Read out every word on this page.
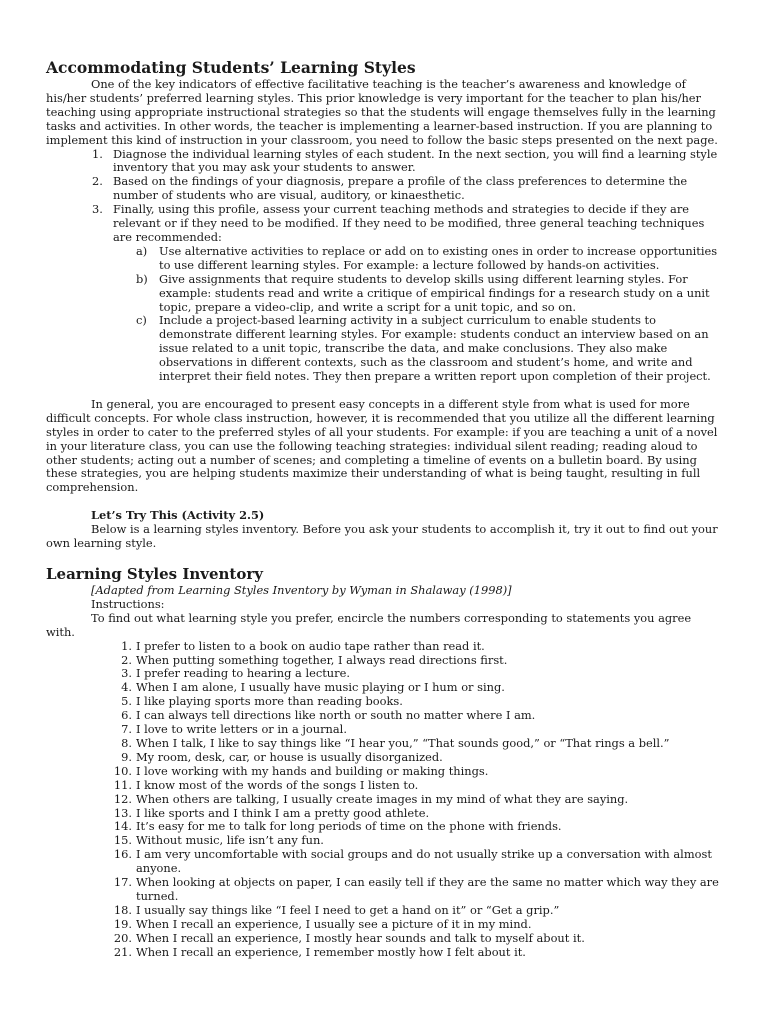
Accommodating Students’ Learning Styles
One of the key indicators of effective facilitative teaching is the teacher’s awareness and knowledge of his/her students’ preferred learning styles. This prior knowledge is very important for the teacher to plan his/her teaching using appropriate instructional strategies so that the students will engage themselves fully in the learning tasks and activities. In other words, the teacher is implementing a learner-based instruction. If you are planning to implement this kind of instruction in your classroom, you need to follow the basic steps presented on the next page.
1. Diagnose the individual learning styles of each student. In the next section, you will find a learning style inventory that you may ask your students to answer.
2. Based on the findings of your diagnosis, prepare a profile of the class preferences to determine the number of students who are visual, auditory, or kinaesthetic.
3. Finally, using this profile, assess your current teaching methods and strategies to decide if they are relevant or if they need to be modified. If they need to be modified, three general teaching techniques are recommended:
a) Use alternative activities to replace or add on to existing ones in order to increase opportunities to use different learning styles. For example: a lecture followed by hands-on activities.
b) Give assignments that require students to develop skills using different learning styles. For example: students read and write a critique of empirical findings for a research study on a unit topic, prepare a video-clip, and write a script for a unit topic, and so on.
c) Include a project-based learning activity in a subject curriculum to enable students to demonstrate different learning styles. For example: students conduct an interview based on an issue related to a unit topic, transcribe the data, and make conclusions. They also make observations in different contexts, such as the classroom and student’s home, and write and interpret their field notes. They then prepare a written report upon completion of their project.
In general, you are encouraged to present easy concepts in a different style from what is used for more difficult concepts. For whole class instruction, however, it is recommended that you utilize all the different learning styles in order to cater to the preferred styles of all your students. For example: if you are teaching a unit of a novel in your literature class, you can use the following teaching strategies: individual silent reading; reading aloud to other students; acting out a number of scenes; and completing a timeline of events on a bulletin board. By using these strategies, you are helping students maximize their understanding of what is being taught, resulting in full comprehension.
Let’s Try This (Activity 2.5)
Below is a learning styles inventory. Before you ask your students to accomplish it, try it out to find out your own learning style.
Learning Styles Inventory
[Adapted from Learning Styles Inventory by Wyman in Shalaway (1998)]
Instructions:
To find out what learning style you prefer, encircle the numbers corresponding to statements you agree with.
1. I prefer to listen to a book on audio tape rather than read it.
2. When putting something together, I always read directions first.
3. I prefer reading to hearing a lecture.
4. When I am alone, I usually have music playing or I hum or sing.
5. I like playing sports more than reading books.
6. I can always tell directions like north or south no matter where I am.
7. I love to write letters or in a journal.
8. When I talk, I like to say things like “I hear you,” “That sounds good,” or “That rings a bell.”
9. My room, desk, car, or house is usually disorganized.
10. I love working with my hands and building or making things.
11. I know most of the words of the songs I listen to.
12. When others are talking, I usually create images in my mind of what they are saying.
13. I like sports and I think I am a pretty good athlete.
14. It’s easy for me to talk for long periods of time on the phone with friends.
15. Without music, life isn’t any fun.
16. I am very uncomfortable with social groups and do not usually strike up a conversation with almost anyone.
17. When looking at objects on paper, I can easily tell if they are the same no matter which way they are turned.
18. I usually say things like “I feel I need to get a hand on it” or “Get a grip.”
19. When I recall an experience, I usually see a picture of it in my mind.
20. When I recall an experience, I mostly hear sounds and talk to myself about it.
21. When I recall an experience, I remember mostly how I felt about it.
